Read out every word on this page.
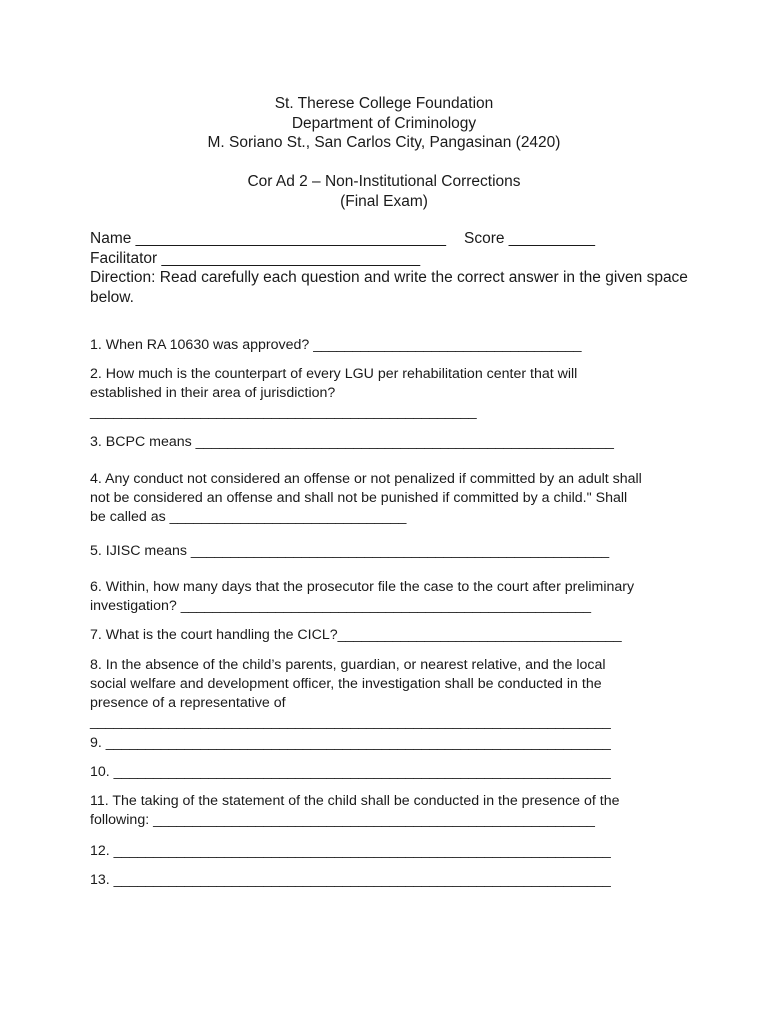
St. Therese College Foundation
Department of Criminology
M. Soriano St., San Carlos City, Pangasinan (2420)
Cor Ad 2 – Non-Institutional Corrections
(Final Exam)
Name ____________________________________ Score __________
Facilitator ______________________________
Direction: Read carefully each question and write the correct answer in the given space below.
1. When RA 10630 was approved? __________________________________
2. How much is the counterpart of every LGU per rehabilitation center that will
established in their area of jurisdiction?
_________________________________________________
3. BCPC means _____________________________________________________
4. Any conduct not considered an offense or not penalized if committed by an adult shall
not be considered an offense and shall not be punished if committed by a child." Shall
be called as ______________________________
5. IJISC means _____________________________________________________
6. Within, how many days that the prosecutor file the case to the court after preliminary
investigation? ____________________________________________________
7. What is the court handling the CICL?____________________________________
8. In the absence of the child’s parents, guardian, or nearest relative, and the local
social welfare and development officer, the investigation shall be conducted in the
presence of a representative of
__________________________________________________________________
9. ________________________________________________________________
10. _______________________________________________________________
11. The taking of the statement of the child shall be conducted in the presence of the
following: ________________________________________________________
12. _______________________________________________________________
13. _______________________________________________________________
